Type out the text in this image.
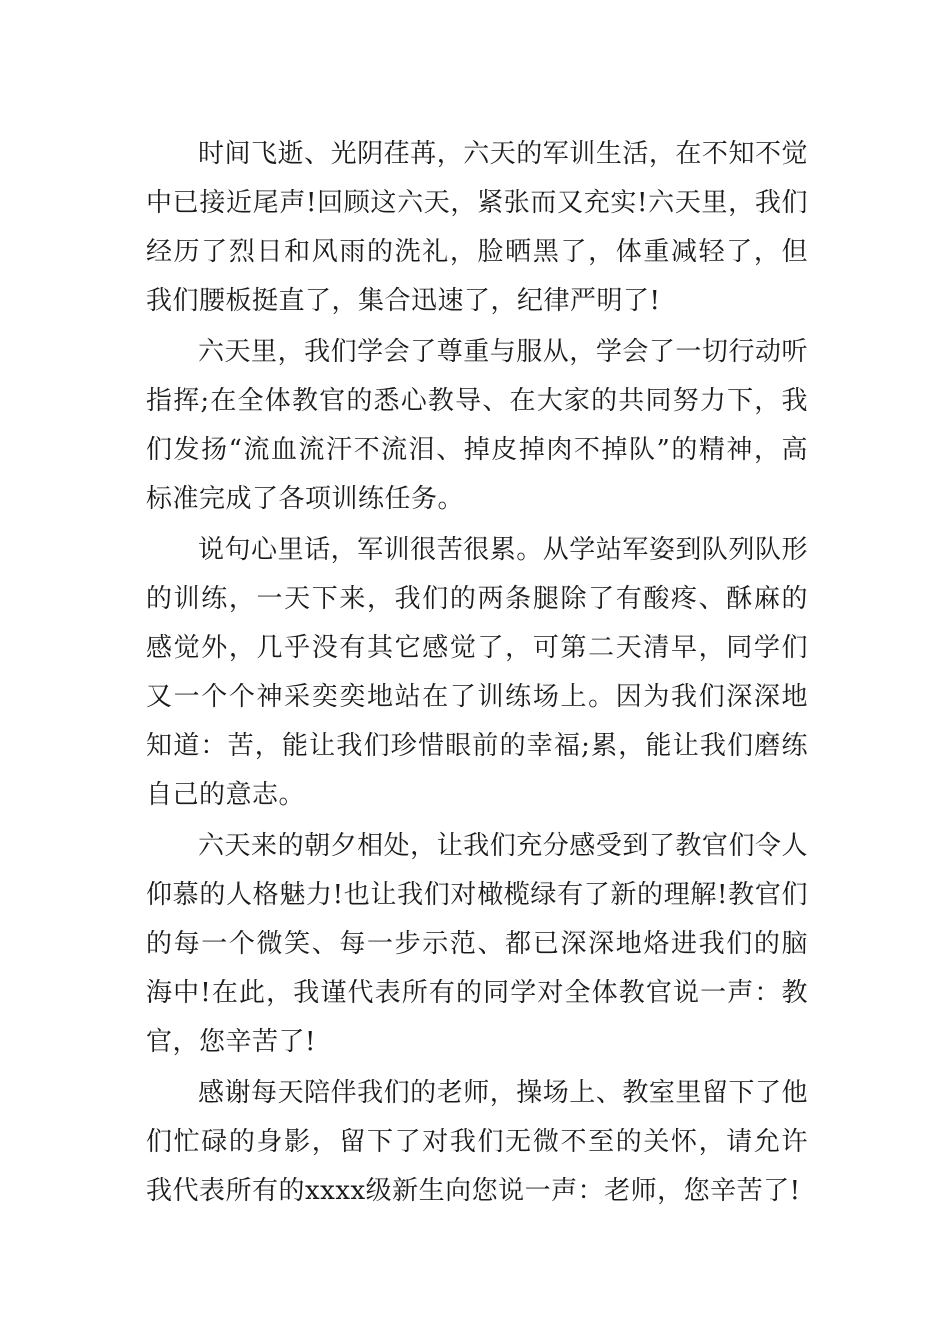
时间飞逝、光阴荏苒，六天的军训生活，在不知不觉中已接近尾声!回顾这六天，紧张而又充实!六天里，我们经历了烈日和风雨的洗礼，脸晒黑了，体重减轻了，但我们腰板挺直了，集合迅速了，纪律严明了!

六天里，我们学会了尊重与服从，学会了一切行动听指挥;在全体教官的悉心教导、在大家的共同努力下，我们发扬“流血流汗不流泪、掉皮掉肉不掉队”的精神，高标准完成了各项训练任务。

说句心里话，军训很苦很累。从学站军姿到队列队形的训练，一天下来，我们的两条腿除了有酸疼、酥麻的感觉外，几乎没有其它感觉了，可第二天清早，同学们又一个个神采奕奕地站在了训练场上。因为我们深深地知道：苦，能让我们珍惜眼前的幸福;累，能让我们磨练自己的意志。

六天来的朝夕相处，让我们充分感受到了教官们令人仰慕的人格魅力!也让我们对橄榄绿有了新的理解!教官们的每一个微笑、每一步示范、都已深深地烙进我们的脑海中!在此，我谨代表所有的同学对全体教官说一声：教官，您辛苦了!

感谢每天陪伴我们的老师，操场上、教室里留下了他们忙碌的身影，留下了对我们无微不至的关怀，请允许我代表所有的xxxx级新生向您说一声：老师，您辛苦了!
